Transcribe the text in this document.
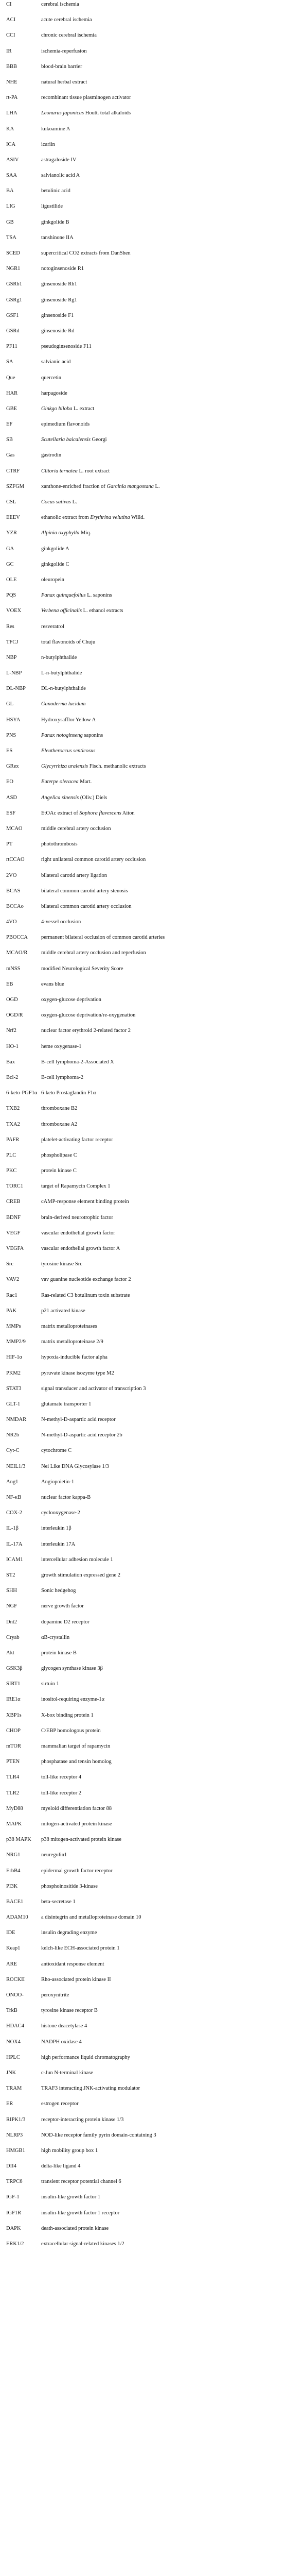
CI	cerebral ischemia
ACI	acute cerebral ischemia
CCI	chronic cerebral ischemia
IR	ischemia-reperfusion
BBB	blood-brain barrier
NHE	natural herbal extract
rt-PA	recombinant tissue plasminogen activator
LHA	Leonurus japonicus Houtt. total alkaloids
KA	kukoamine A
ICA	icariin
ASIV	astragaloside IV
SAA	salvianolic acid A
BA	betulinic acid
LIG	ligustilide
GB	ginkgolide B
TSA	tanshinone IIA
SCED	supercritical CO2 extracts from DanShen
NGR1	notoginsenoside R1
GSRb1	ginsenoside Rb1
GSRg1	ginsenoside Rg1
GSF1	ginsenoside F1
GSRd	ginsenoside Rd
PF11	pseudoginsenoside F11
SA	salvianic acid
Que	quercetin
HAR	harpagoside
GBE	Ginkgo biloba L. extract
EF	epimedium flavonoids
SB	Scutellaria baicalensis Georgi
Gas	gastrodin
CTRF	Clitoria ternatea L. root extract
SZFGM	xanthone-enriched fraction of Garcinia mangostana L.
CSL	Cocus sativus L.
EEEV	ethanolic extract from Erythrina velutina Willd.
YZR	Alpinia oxyphylla Miq.
GA	ginkgolide A
GC	ginkgolide C
OLE	oleuropein
PQS	Panax quinquefolius L. saponins
VOEX	Verbena officinalis L. ethanol extracts
Res	resveratrol
TFCJ	total flavonoids of Chuju
NBP	n-butylphthalide
L-NBP	L-n-butylphthalide
DL-NBP	DL-n-butylphthalide
GL	Ganoderma lucidum
HSYA	Hydroxysafflor Yellow A
PNS	Panax notoginseng saponins
ES	Eleutheroccus senticosus
GRex	Glycyrrhiza uralensis Fisch. methanolic extracts
EO	Euterpe oleracea Mart.
ASD	Angelica sinensis (Oliv.) Diels
ESF	EtOAc extract of Sophora flavescens Aiton
MCAO	middle cerebral artery occlusion
PT	photothrombosis
rtCCAO	right unilateral common carotid artery occlusion
2VO	bilateral carotid artery ligation
BCAS	bilateral common carotid artery stenosis
BCCAo	bilateral common carotid artery occlusion
4VO	4-vessel occlusion
PBOCCA	permanent bilateral occlusion of common carotid arteries
MCAO/R	middle cerebral artery occlusion and reperfusion
mNSS	modified Neurological Severity Score
EB	evans blue
OGD	oxygen-glucose deprivation
OGD/R	oxygen-glucose deprivation/re-oxygenation
Nrf2	nuclear factor erythroid 2-related factor 2
HO-1	heme oxygenase-1
Bax	B-cell lymphoma-2-Associated X
Bcl-2	B-cell lymphoma-2
6-keto-PGF1α 6-keto Prostaglandin F1α
TXB2	thromboxane B2
TXA2	thromboxane A2
PAFR	platelet-activating factor receptor
PLC	phospholipase C
PKC	protein kinase C
TORC1	target of Rapamycin Complex 1
CREB	cAMP-response element binding protein
BDNF	brain-derived neurotrophic factor
VEGF	vascular endothelial growth factor
VEGFA	vascular endothelial growth factor A
Src	tyrosine kinase Src
VAV2	vav guanine nucleotide exchange factor 2
Rac1	Ras-related C3 botulinum toxin substrate
PAK	p21 activated kinase
MMPs	matrix metalloproteinases
MMP2/9	matrix metalloproteinase 2/9
HIF-1α	hypoxia-inducible factor alpha
PKM2	pyruvate kinase isozyme type M2
STAT3	signal transducer and activator of transcription 3
GLT-1	glutamate transporter 1
NMDAR	N-methyl-D-aspartic acid receptor
NR2b	N-methyl-D-aspartic acid receptor 2b
Cyt-C	cytochrome C
NEIL1/3	Nei Like DNA Glycosylase 1/3
Ang1	Angiopoietin-1
NF-κB	nuclear factor kappa-B
COX-2	cyclooxygenase-2
IL-1β	interleukin 1β
IL-17A	interleukin 17A
ICAM1	intercellular adhesion molecule 1
ST2	growth stimulation expressed gene 2
SHH	Sonic hedgehog
NGF	nerve growth factor
Dnt2	dopamine D2 receptor
Cryab	αB-crystallin
Akt	protein kinase B
GSK3β	glycogen synthase kinase 3β
SIRT1	sirtuin 1
IRE1α	inositol-requiring enzyme-1α
XBP1s	X-box binding protein 1
CHOP	C/EBP homologous protein
mTOR	mammalian target of rapamycin
PTEN	phosphatase and tensin homolog
TLR4	toll-like receptor 4
TLR2	toll-like receptor 2
MyD88	myeloid differentiation factor 88
MAPK	mitogen-activated protein kinase
p38 MAPK	p38 mitogen-activated protein kinase
NRG1	neuregulin1
ErbB4	epidermal growth factor receptor
PI3K	phosphoinositide 3-kinase
BACE1	beta-secretase 1
ADAM10	a disintegrin and metalloproteinase domain 10
IDE	insulin degrading enzyme
Keap1	kelch-like ECH-associated protein 1
ARE	antioxidant response element
ROCKII	Rho-associated protein kinase II
ONOO-	peroxynitrite
TrkB	tyrosine kinase receptor B
HDAC4	histone deacetylase 4
NOX4	NADPH oxidase 4
HPLC	high performance liquid chromatography
JNK	c-Jun N-terminal kinase
TRAM	TRAF3 interacting JNK-activating modulator
ER	estrogen receptor
RIPK1/3	receptor-interacting protein kinase 1/3
NLRP3	NOD-like receptor family pyrin domain-containing 3
HMGB1	high mobility group box 1
DII4	delta-like ligand 4
TRPC6	transient receptor potential channel 6
IGF-1	insulin-like growth factor 1
IGF1R	insulin-like growth factor 1 receptor
DAPK	death-associated protein kinase
ERK1/2	extracellular signal-related kinases 1/2
